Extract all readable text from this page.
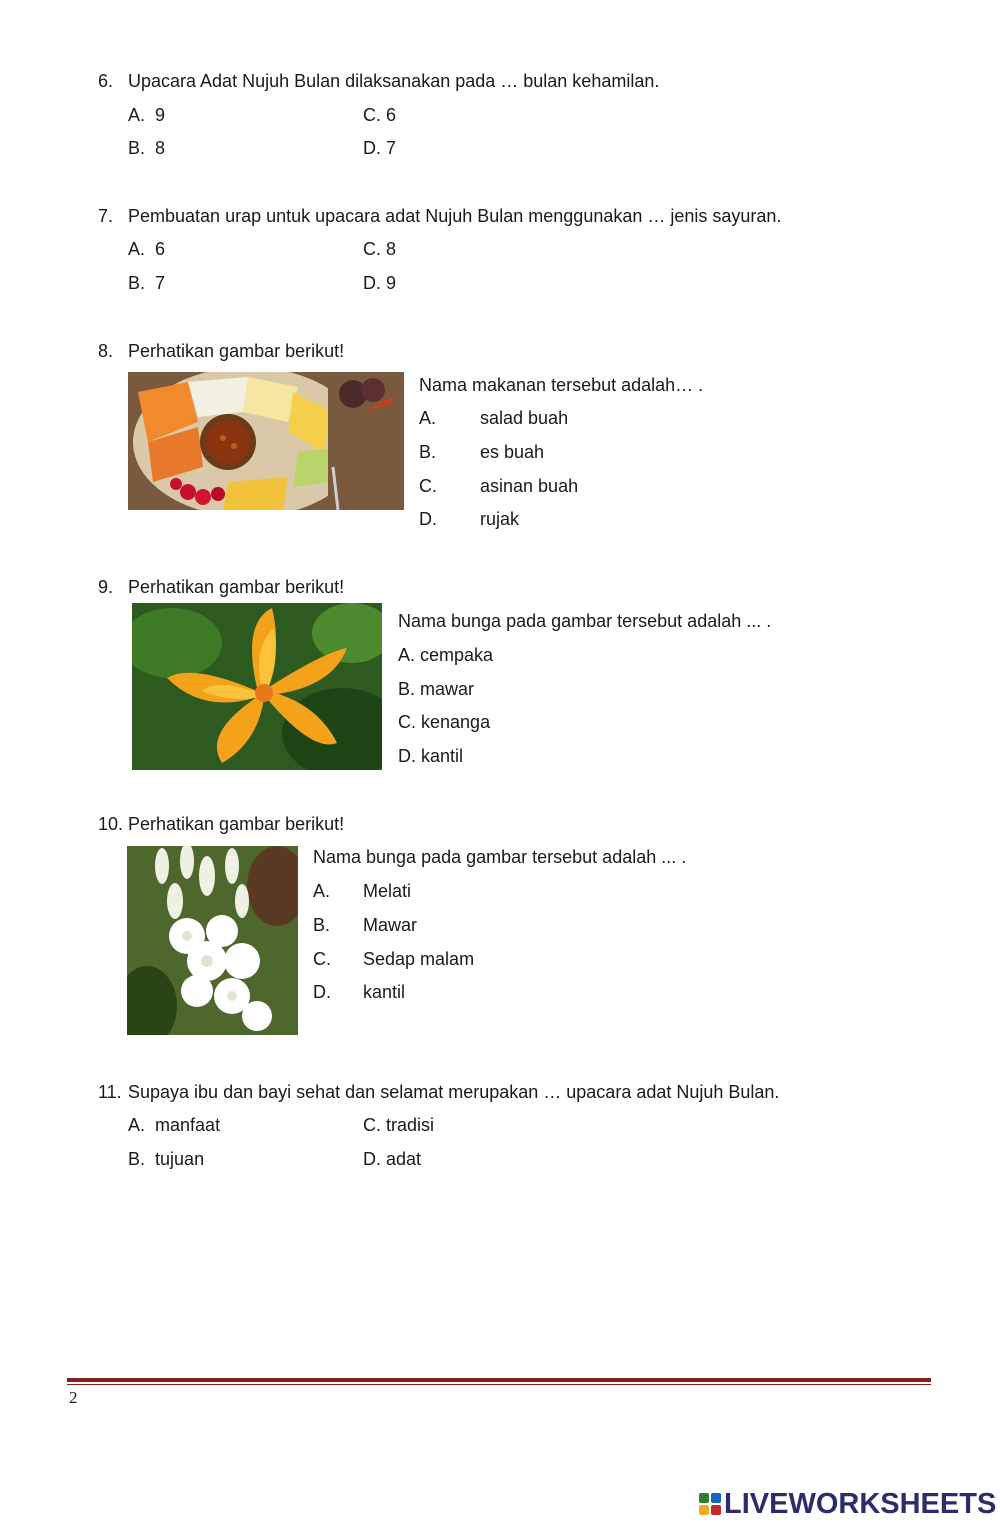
6. Upacara Adat Nujuh Bulan dilaksanakan pada … bulan kehamilan.
A. 9	C. 6
B. 8	D. 7
7. Pembuatan urap untuk upacara adat Nujuh Bulan menggunakan … jenis sayuran.
A. 6	C. 8
B. 7	D. 9
8. Perhatikan gambar berikut!
Nama makanan tersebut adalah… .
A. salad buah
B. es buah
C. asinan buah
D. rujak
9. Perhatikan gambar berikut!
Nama bunga pada gambar tersebut adalah ... .
A. cempaka
B. mawar
C. kenanga
D. kantil
10. Perhatikan gambar berikut!
Nama bunga pada gambar tersebut adalah ... .
A. Melati
B. Mawar
C. Sedap malam
D. kantil
11. Supaya ibu dan bayi sehat dan selamat merupakan … upacara adat Nujuh Bulan.
A. manfaat	C. tradisi
B. tujuan	D. adat
2
LIVEWORKSHEETS
